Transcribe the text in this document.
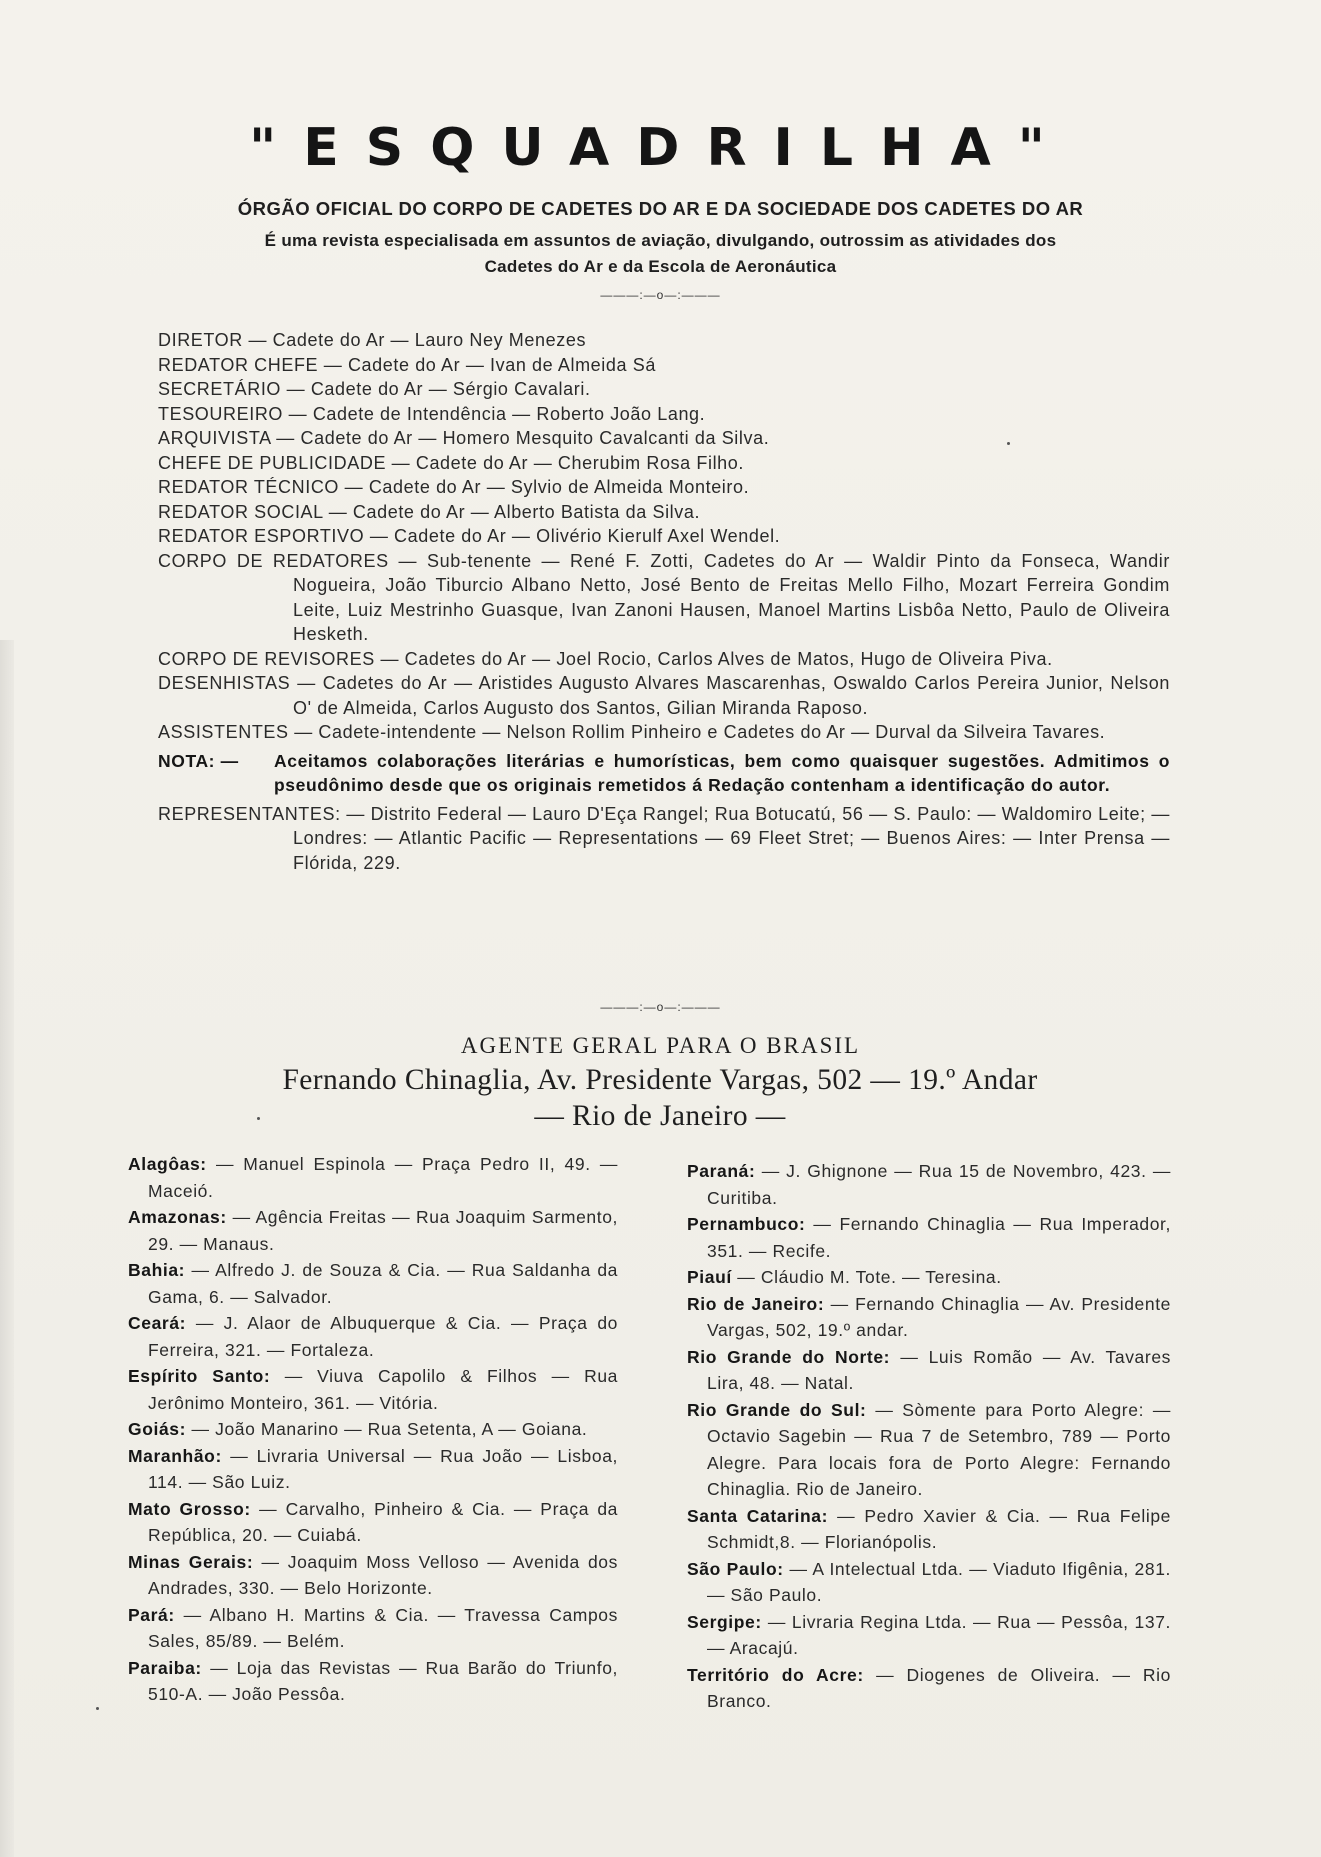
"ESQUADRILHA"
ÓRGÃO OFICIAL DO CORPO DE CADETES DO AR E DA SOCIEDADE DOS CADETES DO AR
É uma revista especialisada em assuntos de aviação, divulgando, outrossim as atividades dos Cadetes do Ar e da Escola de Aeronáutica
———:—o—:———
DIRETOR — Cadete do Ar — Lauro Ney Menezes
REDATOR CHEFE — Cadete do Ar — Ivan de Almeida Sá
SECRETÁRIO — Cadete do Ar — Sérgio Cavalari.
TESOUREIRO — Cadete de Intendência — Roberto João Lang.
ARQUIVISTA — Cadete do Ar — Homero Mesquito Cavalcanti da Silva.
CHEFE DE PUBLICIDADE — Cadete do Ar — Cherubim Rosa Filho.
REDATOR TÉCNICO — Cadete do Ar — Sylvio de Almeida Monteiro.
REDATOR SOCIAL — Cadete do Ar — Alberto Batista da Silva.
REDATOR ESPORTIVO — Cadete do Ar — Olivério Kierulf Axel Wendel.
CORPO DE REDATORES — Sub-tenente — René F. Zotti, Cadetes do Ar — Waldir Pinto da Fonseca, Wandir Nogueira, João Tiburcio Albano Netto, José Bento de Freitas Mello Filho, Mozart Ferreira Gondim Leite, Luiz Mestrinho Guasque, Ivan Zanoni Hausen, Manoel Martins Lisbôa Netto, Paulo de Oliveira Hesketh.
CORPO DE REVISORES — Cadetes do Ar — Joel Rocio, Carlos Alves de Matos, Hugo de Oliveira Piva.
DESENHISTAS — Cadetes do Ar — Aristides Augusto Alvares Mascarenhas, Oswaldo Carlos Pereira Junior, Nelson O' de Almeida, Carlos Augusto dos Santos, Gilian Miranda Raposo.
ASSISTENTES — Cadete-intendente — Nelson Rollim Pinheiro e Cadetes do Ar — Durval da Silveira Tavares.
NOTA: —	Aceitamos colaborações literárias e humorísticas, bem como quaisquer sugestões. Admitimos o pseudônimo desde que os originais remetidos á Redação contenham a identificação do autor.
REPRESENTANTES: — Distrito Federal — Lauro D'Eça Rangel; Rua Botucatú, 56 — S. Paulo: — Waldomiro Leite; — Londres: — Atlantic Pacific — Representations — 69 Fleet Stret; — Buenos Aires: — Inter Prensa — Flórida, 229.
———:—o—:———
AGENTE GERAL PARA O BRASIL
Fernando Chinaglia, Av. Presidente Vargas, 502 — 19.º Andar
— Rio de Janeiro —
Alagôas: — Manuel Espinola — Praça Pedro II, 49. — Maceió.
Amazonas: — Agência Freitas — Rua Joaquim Sarmento, 29. — Manaus.
Bahia: — Alfredo J. de Souza & Cia. — Rua Saldanha da Gama, 6. — Salvador.
Ceará: — J. Alaor de Albuquerque & Cia. — Praça do Ferreira, 321. — Fortaleza.
Espírito Santo: — Viuva Capolilo & Filhos — Rua Jerônimo Monteiro, 361. — Vitória.
Goiás: — João Manarino — Rua Setenta, A — Goiana.
Maranhão: — Livraria Universal — Rua João — Lisboa, 114. — São Luiz.
Mato Grosso: — Carvalho, Pinheiro & Cia. — Praça da República, 20. — Cuiabá.
Minas Gerais: — Joaquim Moss Velloso — Avenida dos Andrades, 330. — Belo Horizonte.
Pará: — Albano H. Martins & Cia. — Travessa Campos Sales, 85/89. — Belém.
Paraiba: — Loja das Revistas — Rua Barão do Triunfo, 510-A. — João Pessôa.
Paraná: — J. Ghignone — Rua 15 de Novembro, 423. — Curitiba.
Pernambuco: — Fernando Chinaglia — Rua Imperador, 351. — Recife.
Piauí — Cláudio M. Tote. — Teresina.
Rio de Janeiro: — Fernando Chinaglia — Av. Presidente Vargas, 502, 19.º andar.
Rio Grande do Norte: — Luis Romão — Av. Tavares Lira, 48. — Natal.
Rio Grande do Sul: — Sòmente para Porto Alegre: — Octavio Sagebin — Rua 7 de Setembro, 789 — Porto Alegre. Para locais fora de Porto Alegre: Fernando Chinaglia. Rio de Janeiro.
Santa Catarina: — Pedro Xavier & Cia. — Rua Felipe Schmidt,8. — Florianópolis.
São Paulo: — A Intelectual Ltda. — Viaduto Ifigênia, 281. — São Paulo.
Sergipe: — Livraria Regina Ltda. — Rua — Pessôa, 137. — Aracajú.
Território do Acre: — Diogenes de Oliveira. — Rio Branco.
